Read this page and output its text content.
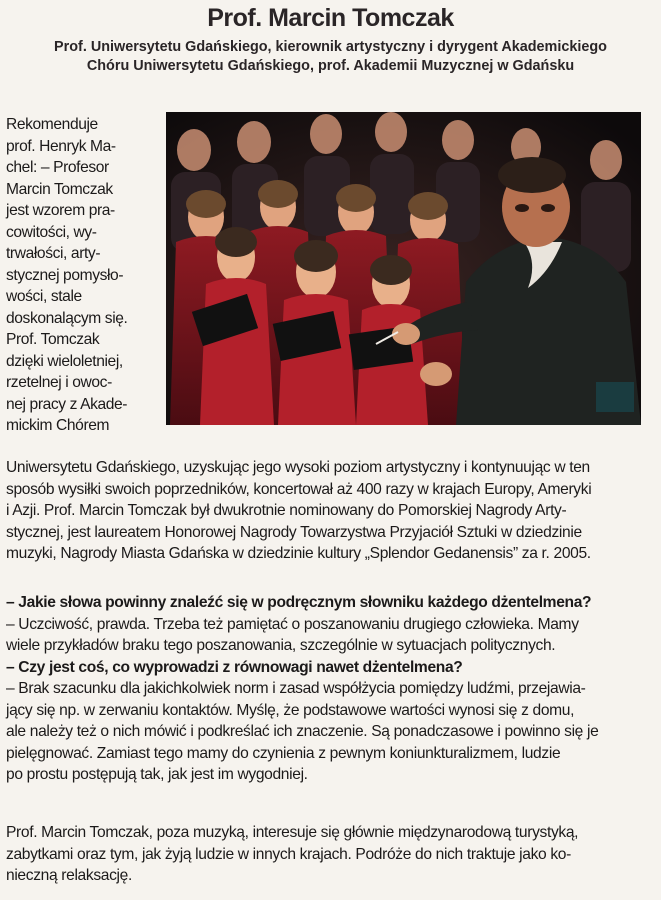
Prof. Marcin Tomczak
Prof. Uniwersytetu Gdańskiego, kierownik artystyczny i dyrygent Akademickiego
Chóru Uniwersytetu Gdańskiego, prof. Akademii Muzycznej w Gdańsku

Rekomenduje
prof. Henryk Ma-
chel: – Profesor
Marcin Tomczak
jest wzorem pra-
cowitości, wy-
trwałości, arty-
stycznej pomysło-
wości, stale
doskonalącym się.
Prof. Tomczak
dzięki wieloletniej,
rzetelnej i owoc-
nej pracy z Akade-
mickim Chórem

Uniwersytetu Gdańskiego, uzyskując jego wysoki poziom artystyczny i kontynuując w ten
sposób wysiłki swoich poprzedników, koncertował aż 400 razy w krajach Europy, Ameryki
i Azji. Prof. Marcin Tomczak był dwukrotnie nominowany do Pomorskiej Nagrody Arty-
stycznej, jest laureatem Honorowej Nagrody Towarzystwa Przyjaciół Sztuki w dziedzinie
muzyki, Nagrody Miasta Gdańska w dziedzinie kultury „Splendor Gedanensis” za r. 2005.

– Jakie słowa powinny znaleźć się w podręcznym słowniku każdego dżentelmena?
– Uczciwość, prawda. Trzeba też pamiętać o poszanowaniu drugiego człowieka. Mamy
wiele przykładów braku tego poszanowania, szczególnie w sytuacjach politycznych.
– Czy jest coś, co wyprowadzi z równowagi nawet dżentelmena?
– Brak szacunku dla jakichkolwiek norm i zasad współżycia pomiędzy ludźmi, przejawia-
jący się np. w zerwaniu kontaktów. Myślę, że podstawowe wartości wynosi się z domu,
ale należy też o nich mówić i podkreślać ich znaczenie. Są ponadczasowe i powinno się je
pielęgnować. Zamiast tego mamy do czynienia z pewnym koniunkturalizmem, ludzie
po prostu postępują tak, jak jest im wygodniej.

Prof. Marcin Tomczak, poza muzyką, interesuje się głównie międzynarodową turystyką,
zabytkami oraz tym, jak żyją ludzie w innych krajach. Podróże do nich traktuje jako ko-
nieczną relaksację.
